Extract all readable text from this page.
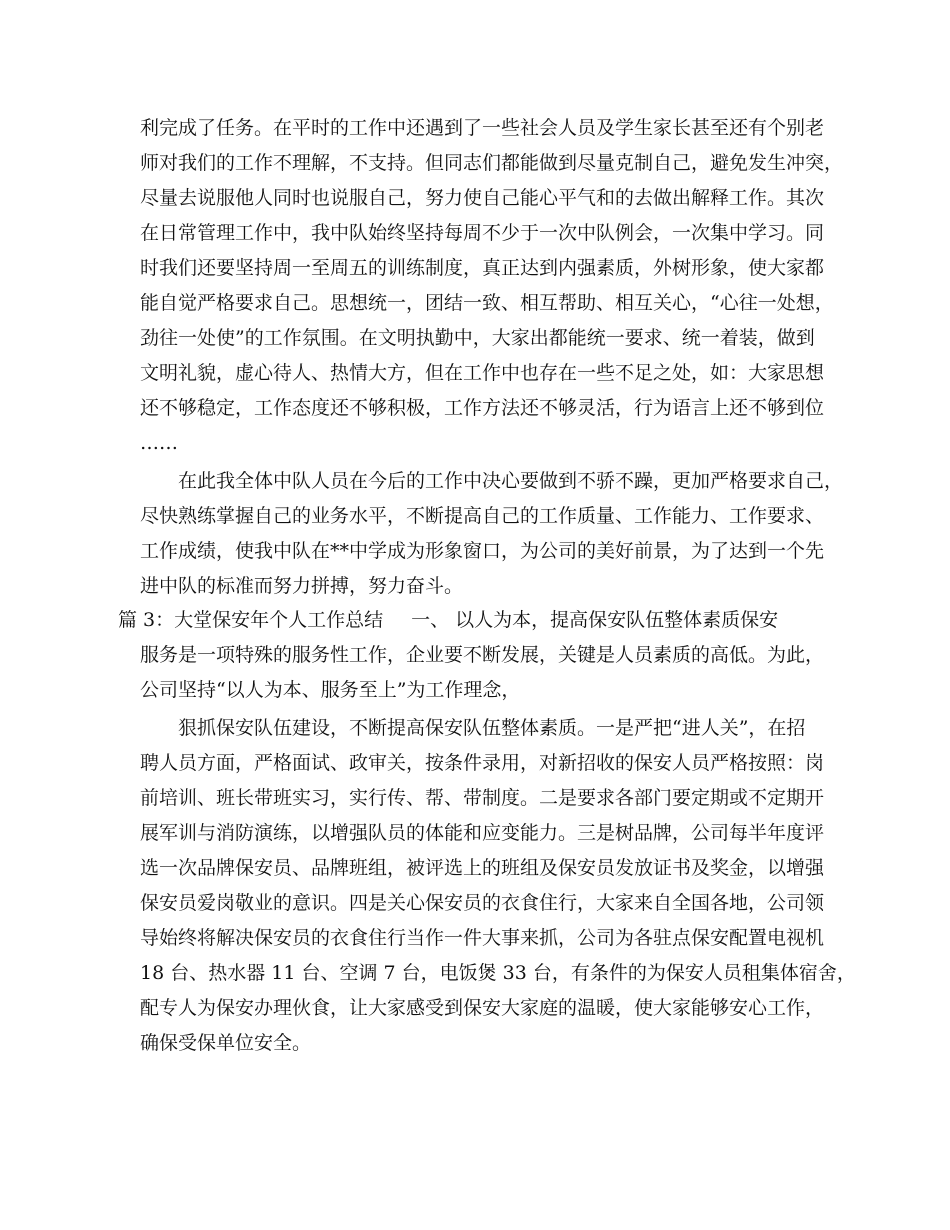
利完成了任务。在平时的工作中还遇到了一些社会人员及学生家长甚至还有个别老

师对我们的工作不理解，不支持。但同志们都能做到尽量克制自己，避免发生冲突，

尽量去说服他人同时也说服自己，努力使自己能心平气和的去做出解释工作。其次

在日常管理工作中，我中队始终坚持每周不少于一次中队例会，一次集中学习。同

时我们还要坚持周一至周五的训练制度，真正达到内强素质，外树形象，使大家都

能自觉严格要求自己。思想统一，团结一致、相互帮助、相互关心，“心往一处想，

劲往一处使”的工作氛围。在文明执勤中，大家出都能统一要求、统一着装，做到

文明礼貌，虚心待人、热情大方，但在工作中也存在一些不足之处，如：大家思想

还不够稳定，工作态度还不够积极，工作方法还不够灵活，行为语言上还不够到位

……

在此我全体中队人员在今后的工作中决心要做到不骄不躁，更加严格要求自己，

尽快熟练掌握自己的业务水平，不断提高自己的工作质量、工作能力、工作要求、

工作成绩，使我中队在**中学成为形象窗口，为公司的美好前景，为了达到一个先

进中队的标准而努力拼搏，努力奋斗。

篇 3：大堂保安年个人工作总结 一、 以人为本，提高保安队伍整体素质保安

服务是一项特殊的服务性工作，企业要不断发展，关键是人员素质的高低。为此，

公司坚持“以人为本、服务至上”为工作理念，

狠抓保安队伍建设，不断提高保安队伍整体素质。一是严把“进人关”，在招

聘人员方面，严格面试、政审关，按条件录用，对新招收的保安人员严格按照：岗

前培训、班长带班实习，实行传、帮、带制度。二是要求各部门要定期或不定期开

展军训与消防演练，以增强队员的体能和应变能力。三是树品牌，公司每半年度评

选一次品牌保安员、品牌班组，被评选上的班组及保安员发放证书及奖金，以增强

保安员爱岗敬业的意识。四是关心保安员的衣食住行，大家来自全国各地，公司领

导始终将解决保安员的衣食住行当作一件大事来抓，公司为各驻点保安配置电视机

18 台、热水器 11 台、空调 7 台，电饭煲 33 台，有条件的为保安人员租集体宿舍，

配专人为保安办理伙食，让大家感受到保安大家庭的温暖，使大家能够安心工作，

确保受保单位安全。
